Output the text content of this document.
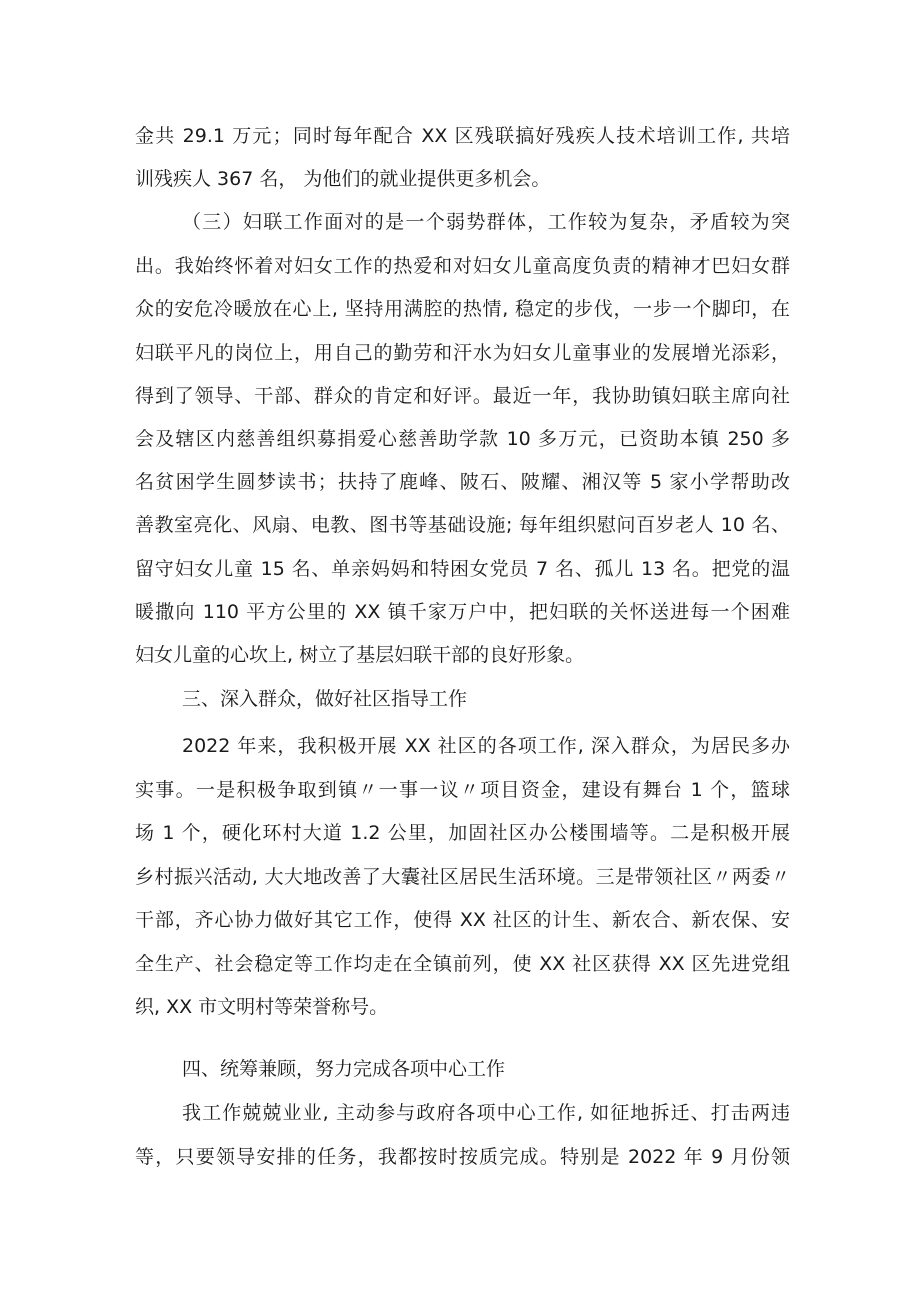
金共 29.1 万元；同时每年配合 XX 区残联搞好残疾人技术培训工作, 共培
训残疾人 367 名， 为他们的就业提供更多机会。
（三）妇联工作面对的是一个弱势群体，工作较为复杂，矛盾较为突
出。我始终怀着对妇女工作的热爱和对妇女儿童高度负责的精神才巴妇女群
众的安危冷暖放在心上, 坚持用满腔的热情, 稳定的步伐，一步一个脚印，在
妇联平凡的岗位上，用自己的勤劳和汗水为妇女儿童事业的发展增光添彩，
得到了领导、干部、群众的肯定和好评。最近一年，我协助镇妇联主席向社
会及辖区内慈善组织募捐爱心慈善助学款 10 多万元，已资助本镇 250 多
名贫困学生圆梦读书；扶持了鹿峰、陂石、陂耀、湘汉等 5 家小学帮助改
善教室亮化、风扇、电教、图书等基础设施; 每年组织慰问百岁老人 10 名、
留守妇女儿童 15 名、单亲妈妈和特困女党员 7 名、孤儿 13 名。把党的温
暖撒向 110 平方公里的 XX 镇千家万户中，把妇联的关怀送进每一个困难
妇女儿童的心坎上, 树立了基层妇联干部的良好形象。
三、深入群众，做好社区指导工作
2022 年来，我积极开展 XX 社区的各项工作, 深入群众，为居民多办
实事。一是积极争取到镇〃一事一议〃项目资金，建设有舞台 1 个，篮球
场 1 个，硬化环村大道 1.2 公里，加固社区办公楼围墙等。二是积极开展
乡村振兴活动, 大大地改善了大囊社区居民生活环境。三是带领社区〃两委〃
干部，齐心协力做好其它工作，使得 XX 社区的计生、新农合、新农保、安
全生产、社会稳定等工作均走在全镇前列，使 XX 社区获得 XX 区先进党组
织, XX 市文明村等荣誉称号。
四、统筹兼顾，努力完成各项中心工作
我工作兢兢业业, 主动参与政府各项中心工作, 如征地拆迁、打击两违
等，只要领导安排的任务，我都按时按质完成。特别是 2022 年 9 月份领
